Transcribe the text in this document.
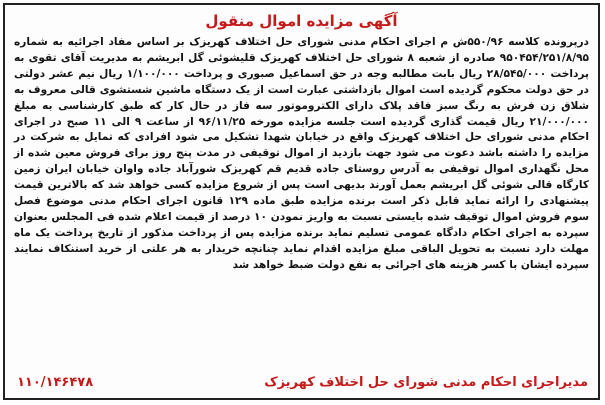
آگهی مزایده اموال منقول
درپرونده کلاسه ۵۵۰/۹۶ش م اجرای احکام مدنی شورای حل اختلاف کهریزک بر اساس مفاد اجرائیه به شماره ۹۵۰۴۵۴/۲۵۱/۸/۹۵ صادره از شعبه ۸ شورای حل اختلاف کهریزک قلیشوئی گل ابریشم به مدیریت آقای تقوی به پرداخت ۲۸/۵۴۵/۰۰۰ ریال بابت مطالبه وجه در حق اسماعیل صبوری و پرداخت ۱/۱۰۰/۰۰۰ ریال نیم عشر دولتی در حق دولت محکوم گردیده است اموال بازداشتی عبارت است از یک دستگاه ماشین شستشوی قالی معروف به شلاق زن فرش به رنگ سبز فاقد پلاک دارای الکتروموتور سه فاز در حال کار که طبق کارشناسی به مبلغ ۲۱/۰۰۰/۰۰۰ ریال قیمت گذاری گردیده است جلسه مزایده مورخه ۹۶/۱۱/۲۵ از ساعت ۹ الی ۱۱ صبح در اجرای احکام مدنی شورای حل اختلاف کهریزک واقع در خیابان شهدا تشکیل می شود افرادی که تمایل به شرکت در مزایده را داشته باشد دعوت می شود جهت بازدید از اموال توقیفی در مدت پنج روز برای فروش معین شده از محل نگهداری اموال توقیفی به آدرس روستای جاده قدیم قم کهریزک شورآباد جاده واوان خیابان ایران زمین کارگاه قالی شوئی گل ابریشم بعمل آورند بدیهی است پس از شروع مزایده کسی خواهد شد که بالاترین قیمت پیشنهادی را ارائه نماید قابل ذکر است برنده مزایده طبق ماده ۱۲۹ قانون اجرای احکام مدنی موضوع فصل سوم فروش اموال توقیف شده بایستی نسبت به واریز نمودن ۱۰ درصد از قیمت اعلام شده فی المجلس بعنوان سپرده به اجرای احکام دادگاه عمومی تسلیم نماید برنده مزایده پس از پرداخت مذکور از تاریخ پرداخت یک ماه مهلت دارد نسبت به تحویل الباقی مبلغ مزایده اقدام نماید چنانچه خریدار به هر علتی از خرید استنکاف نمایند سپرده ایشان با کسر هزینه های اجرائی به نفع دولت ضبط خواهد شد
مدیراجرای احکام مدنی شورای حل اختلاف کهریزک
۱۱۰/۱۴۶۴۷۸
